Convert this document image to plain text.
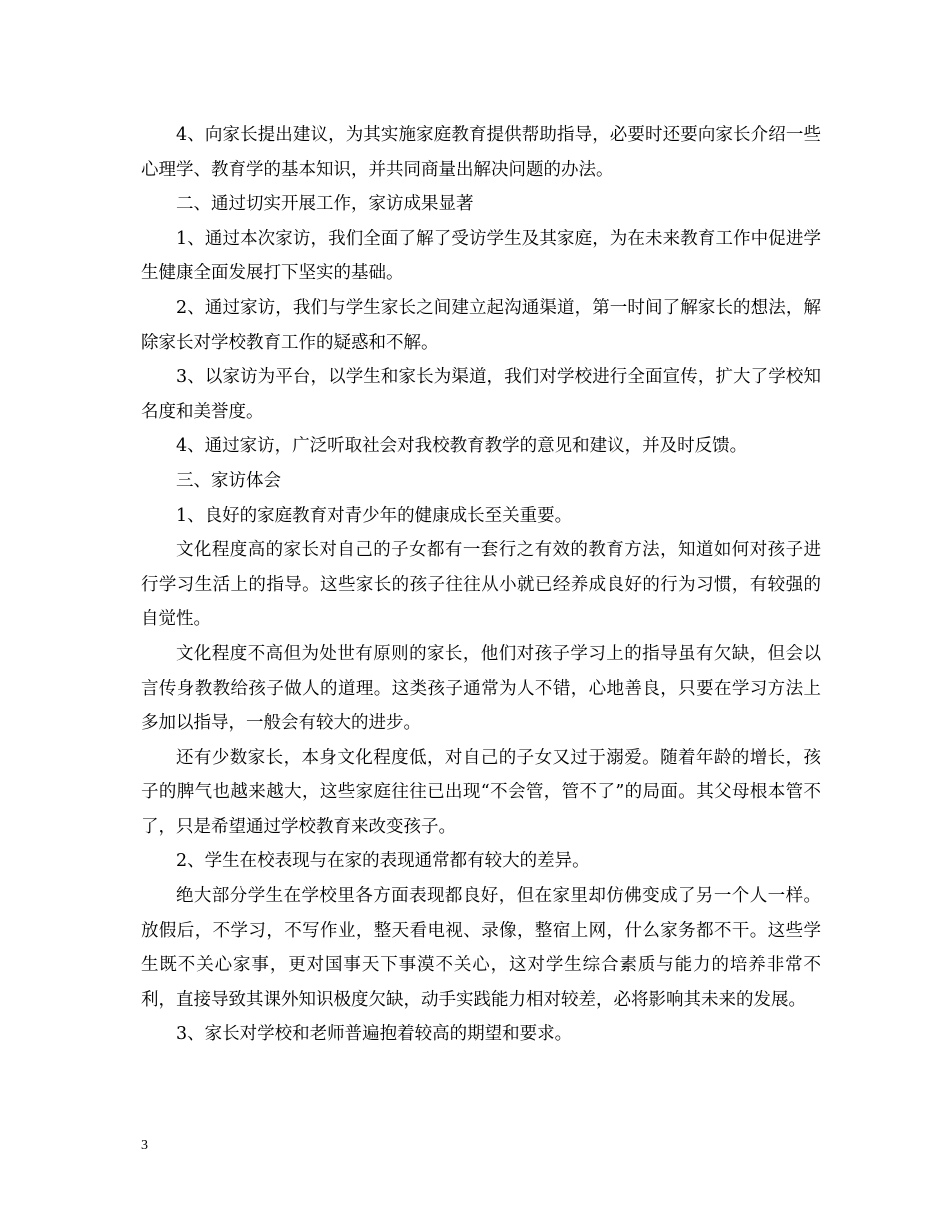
4、向家长提出建议，为其实施家庭教育提供帮助指导，必要时还要向家长介绍一些心理学、教育学的基本知识，并共同商量出解决问题的办法。

二、通过切实开展工作，家访成果显著

1、通过本次家访，我们全面了解了受访学生及其家庭，为在未来教育工作中促进学生健康全面发展打下坚实的基础。

2、通过家访，我们与学生家长之间建立起沟通渠道，第一时间了解家长的想法，解除家长对学校教育工作的疑惑和不解。

3、以家访为平台，以学生和家长为渠道，我们对学校进行全面宣传，扩大了学校知名度和美誉度。

4、通过家访，广泛听取社会对我校教育教学的意见和建议，并及时反馈。

三、家访体会

1、良好的家庭教育对青少年的健康成长至关重要。

文化程度高的家长对自己的子女都有一套行之有效的教育方法，知道如何对孩子进行学习生活上的指导。这些家长的孩子往往从小就已经养成良好的行为习惯，有较强的自觉性。

文化程度不高但为处世有原则的家长，他们对孩子学习上的指导虽有欠缺，但会以言传身教教给孩子做人的道理。这类孩子通常为人不错，心地善良，只要在学习方法上多加以指导，一般会有较大的进步。

还有少数家长，本身文化程度低，对自己的子女又过于溺爱。随着年龄的增长，孩子的脾气也越来越大，这些家庭往往已出现“不会管，管不了”的局面。其父母根本管不了，只是希望通过学校教育来改变孩子。

2、学生在校表现与在家的表现通常都有较大的差异。

绝大部分学生在学校里各方面表现都良好，但在家里却仿佛变成了另一个人一样。放假后，不学习，不写作业，整天看电视、录像，整宿上网，什么家务都不干。这些学生既不关心家事，更对国事天下事漠不关心，这对学生综合素质与能力的培养非常不利，直接导致其课外知识极度欠缺，动手实践能力相对较差，必将影响其未来的发展。

3、家长对学校和老师普遍抱着较高的期望和要求。

3
